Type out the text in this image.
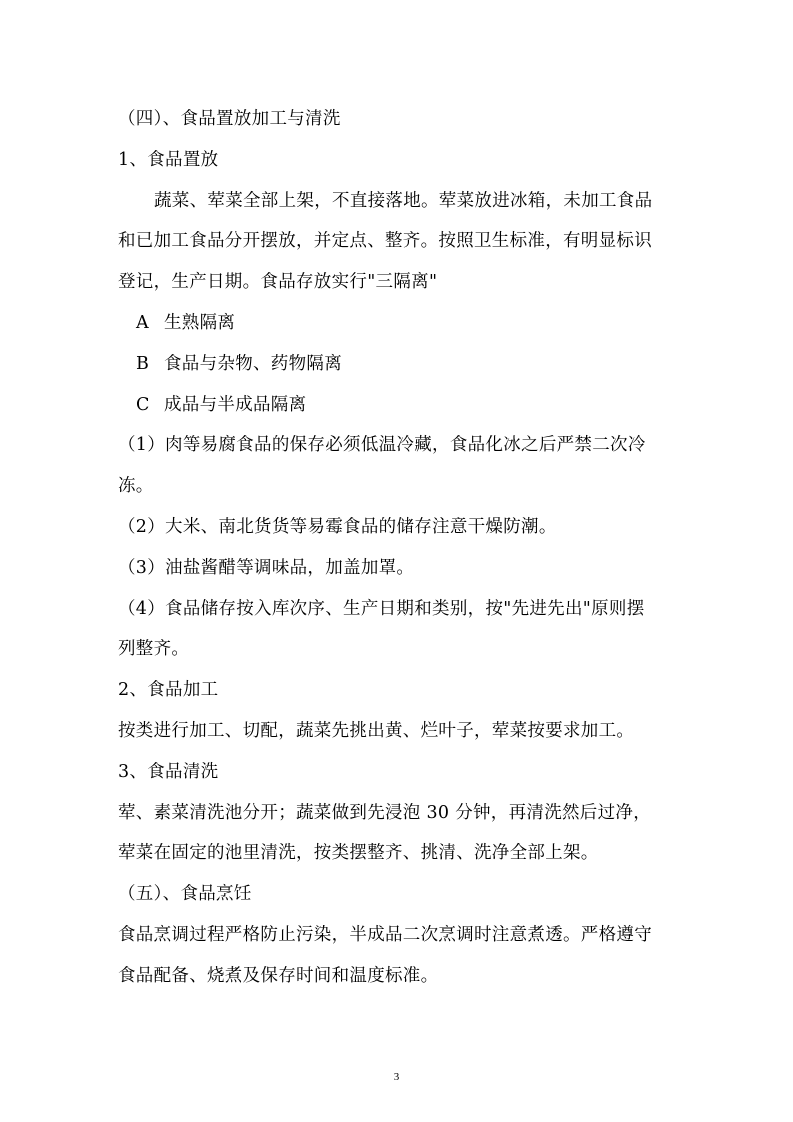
（四）、食品置放加工与清洗
1、食品置放
蔬菜、荤菜全部上架，不直接落地。荤菜放进冰箱，未加工食品
和已加工食品分开摆放，并定点、整齐。按照卫生标准，有明显标识
登记，生产日期。食品存放实行"三隔离"
A 生熟隔离
B 食品与杂物、药物隔离
C 成品与半成品隔离
（1）肉等易腐食品的保存必须低温冷藏，食品化冰之后严禁二次冷
冻。
（2）大米、南北货货等易霉食品的储存注意干燥防潮。
（3）油盐酱醋等调味品，加盖加罩。
（4）食品储存按入库次序、生产日期和类别，按"先进先出"原则摆
列整齐。
2、食品加工
按类进行加工、切配，蔬菜先挑出黄、烂叶子，荤菜按要求加工。
3、食品清洗
荤、素菜清洗池分开；蔬菜做到先浸泡 30 分钟，再清洗然后过净，
荤菜在固定的池里清洗，按类摆整齐、挑清、洗净全部上架。
（五）、食品烹饪
食品烹调过程严格防止污染，半成品二次烹调时注意煮透。严格遵守
食品配备、烧煮及保存时间和温度标准。
3
